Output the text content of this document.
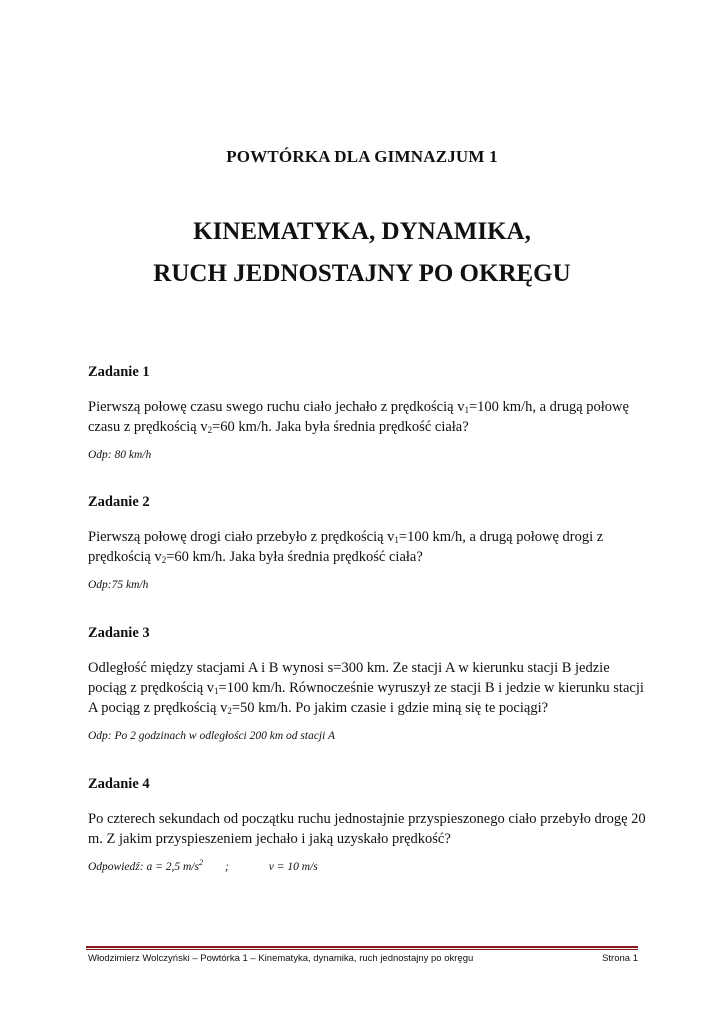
POWTÓRKA DLA GIMNAZJUM 1
KINEMATYKA, DYNAMIKA,
RUCH JEDNOSTAJNY PO OKRĘGU
Zadanie 1

Pierwszą połowę czasu swego ruchu ciało jechało z prędkością $v_1=100$ km/h, a drugą połowę czasu z prędkością $v_2=60$ km/h. Jaka była średnia prędkość ciała?

Odp: 80 km/h

Zadanie 2

Pierwszą połowę drogi ciało przebyło z prędkością $v_1=100$ km/h, a drugą połowę drogi z prędkością $v_2=60$ km/h. Jaka była średnia prędkość ciała?

Odp:75 km/h

Zadanie 3

Odległość między stacjami A i B wynosi s=300 km. Ze stacji A w kierunku stacji B jedzie pociąg z prędkością $v_1=100$ km/h. Równocześnie wyruszył ze stacji B i jedzie w kierunku stacji A pociąg z prędkością $v_2=50$ km/h. Po jakim czasie i gdzie miną się te pociągi?

Odp: Po 2 godzinach w odległości 200 km od stacji A

Zadanie 4

Po czterech sekundach od początku ruchu jednostajnie przyspieszonego ciało przebyło drogę 20 m. Z jakim przyspieszeniem jechało i jaką uzyskało prędkość?

Odpowiedź: a = 2,5 $m/s^2$ ;	v = 10 m/s

Włodzimierz Wolczyński – Powtórka 1 – Kinematyka, dynamika, ruch jednostajny po okręgu	Strona 1
